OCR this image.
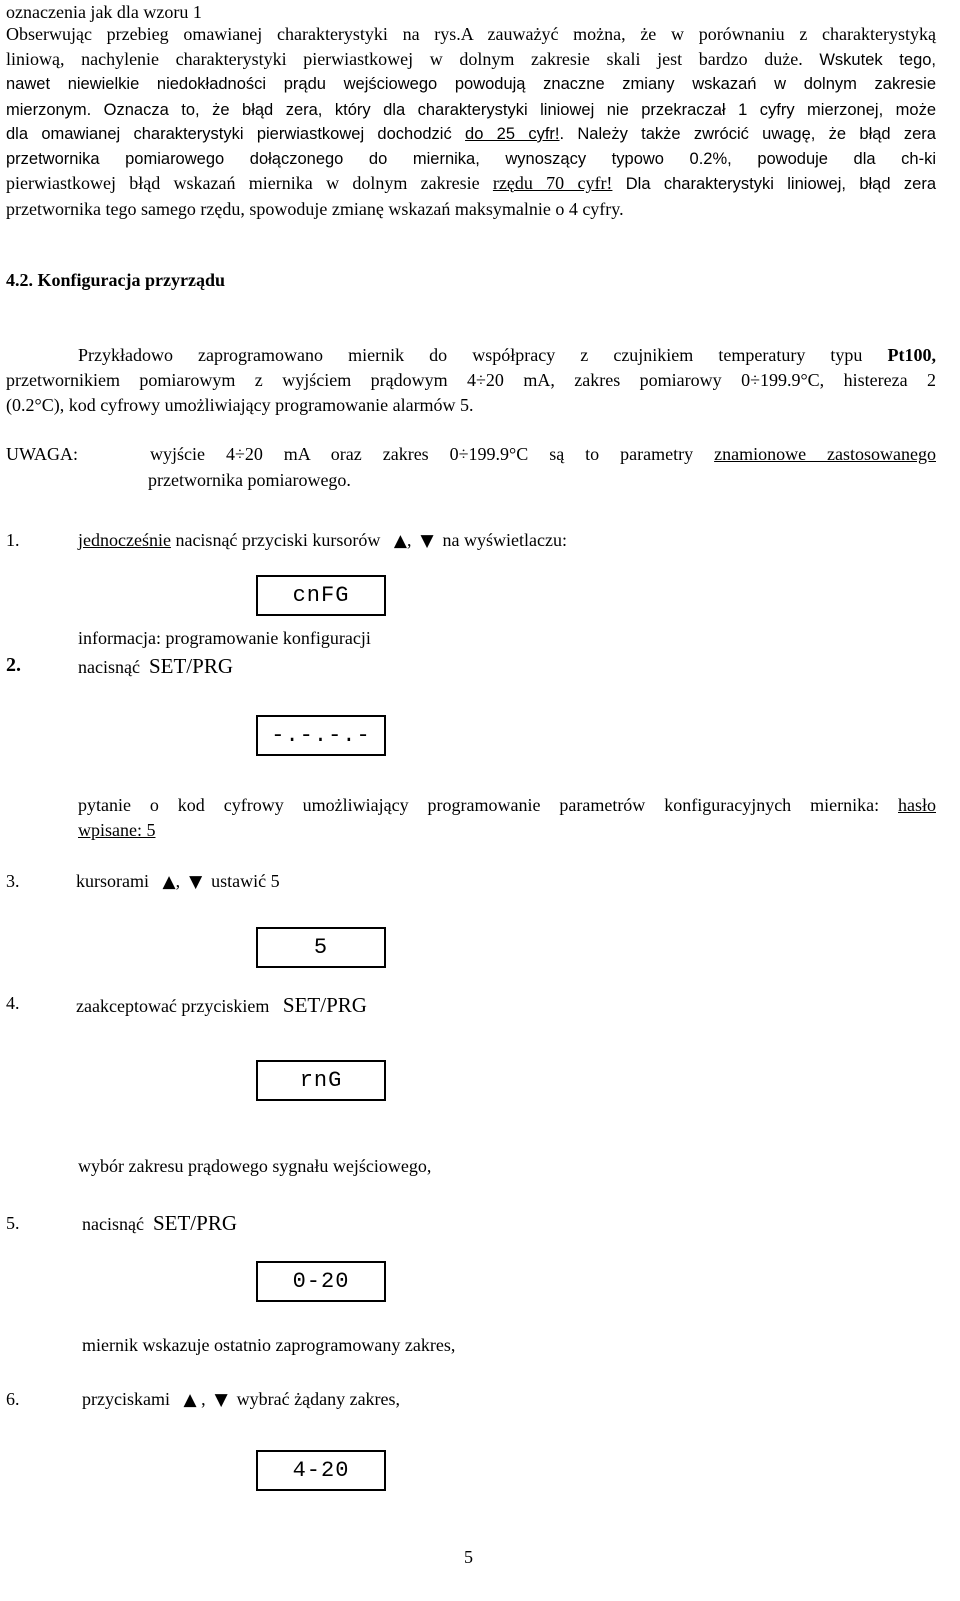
oznaczenia jak dla wzoru 1
Obserwując przebieg omawianej charakterystyki na rys.A zauważyć można, że w porównaniu z charakterystyką
liniową, nachylenie charakterystyki pierwiastkowej w dolnym zakresie skali jest bardzo duże. Wskutek tego,
nawet niewielkie niedokładności prądu wejściowego powodują znaczne zmiany wskazań w dolnym zakresie
mierzonym. Oznacza to, że błąd zera, który dla charakterystyki liniowej nie przekraczał 1 cyfry mierzonej, może
dla omawianej charakterystyki pierwiastkowej dochodzić do 25 cyfr!. Należy także zwrócić uwagę, że błąd zera
przetwornika pomiarowego dołączonego do miernika, wynoszący typowo 0.2%, powoduje dla ch-ki
pierwiastkowej błąd wskazań miernika w dolnym zakresie rzędu 70 cyfr! Dla charakterystyki liniowej, błąd zera
przetwornika tego samego rzędu, spowoduje zmianę wskazań maksymalnie o 4 cyfry.
4.2. Konfiguracja przyrządu
Przykładowo zaprogramowano miernik do współpracy z czujnikiem temperatury typu Pt100,
przetwornikiem pomiarowym z wyjściem prądowym 4÷20 mA, zakres pomiarowy 0÷199.9°C, histereza 2
(0.2°C), kod cyfrowy umożliwiający programowanie alarmów 5.
UWAGA:	wyjście 4÷20 mA oraz zakres 0÷199.9°C są to parametry znamionowe zastosowanego
przetwornika pomiarowego.
1.	jednocześnie nacisnąć przyciski kursorów ▲, ▼ na wyświetlaczu:
cnFG
informacja: programowanie konfiguracji
2.	nacisnąć SET/PRG
-.-.-.-
pytanie o kod cyfrowy umożliwiający programowanie parametrów konfiguracyjnych miernika: hasło
wpisane: 5
3.	kursorami ▲, ▼ ustawić 5
5
4.	zaakceptować przyciskiem SET/PRG
rnG
wybór zakresu prądowego sygnału wejściowego,
5.	nacisnąć SET/PRG
0-20
miernik wskazuje ostatnio zaprogramowany zakres,
6.	przyciskami ▲ , ▼ wybrać żądany zakres,
4-20
5
